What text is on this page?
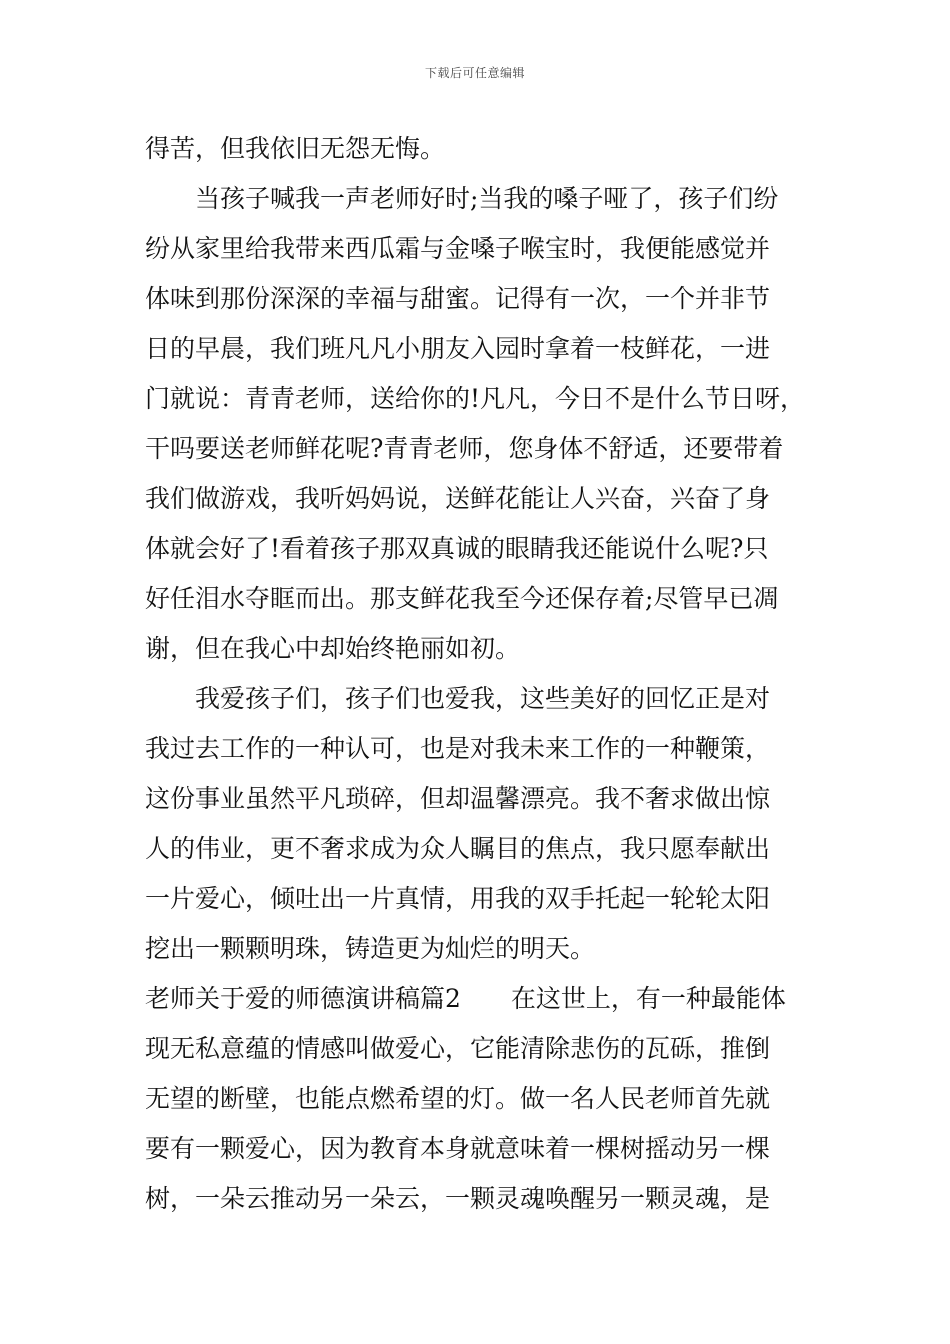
下载后可任意编辑
得苦，但我依旧无怨无悔。
当孩子喊我一声老师好时;当我的嗓子哑了，孩子们纷
纷从家里给我带来西瓜霜与金嗓子喉宝时，我便能感觉并
体味到那份深深的幸福与甜蜜。记得有一次，一个并非节
日的早晨，我们班凡凡小朋友入园时拿着一枝鲜花，一进
门就说：青青老师，送给你的!凡凡，今日不是什么节日呀，
干吗要送老师鲜花呢?青青老师，您身体不舒适，还要带着
我们做游戏，我听妈妈说，送鲜花能让人兴奋，兴奋了身
体就会好了!看着孩子那双真诚的眼睛我还能说什么呢?只
好任泪水夺眶而出。那支鲜花我至今还保存着;尽管早已凋
谢，但在我心中却始终艳丽如初。
我爱孩子们，孩子们也爱我，这些美好的回忆正是对
我过去工作的一种认可，也是对我未来工作的一种鞭策，
这份事业虽然平凡琐碎，但却温馨漂亮。我不奢求做出惊
人的伟业，更不奢求成为众人瞩目的焦点，我只愿奉献出
一片爱心，倾吐出一片真情，用我的双手托起一轮轮太阳
挖出一颗颗明珠，铸造更为灿烂的明天。
老师关于爱的师德演讲稿篇2　　在这世上，有一种最能体
现无私意蕴的情感叫做爱心，它能清除悲伤的瓦砾，推倒
无望的断壁，也能点燃希望的灯。做一名人民老师首先就
要有一颗爱心，因为教育本身就意味着一棵树摇动另一棵
树，一朵云推动另一朵云，一颗灵魂唤醒另一颗灵魂，是
